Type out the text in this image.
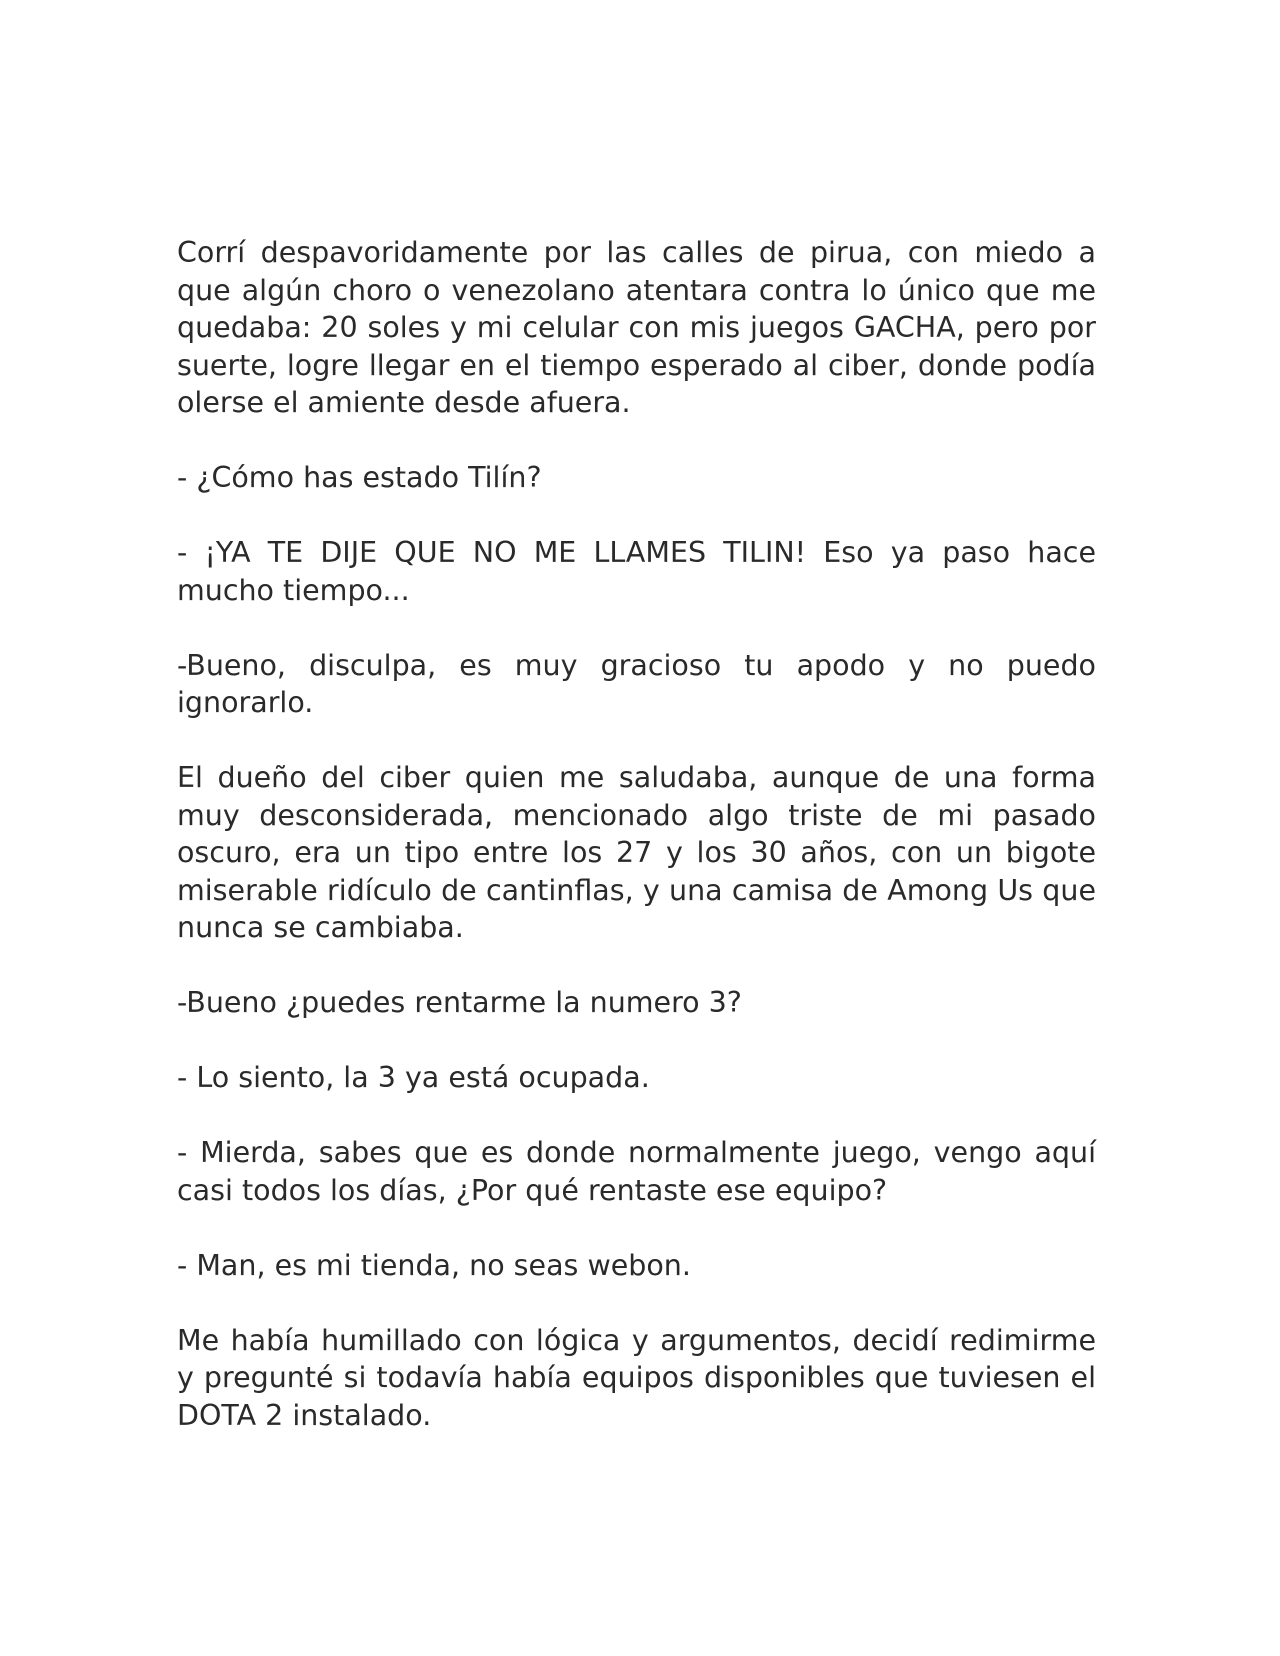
Corrí despavoridamente por las calles de pirua, con miedo a que algún choro o venezolano atentara contra lo único que me quedaba: 20 soles y mi celular con mis juegos GACHA, pero por suerte, logre llegar en el tiempo esperado al ciber, donde podía olerse el amiente desde afuera.

- ¿Cómo has estado Tilín?

- ¡YA TE DIJE QUE NO ME LLAMES TILIN! Eso ya paso hace mucho tiempo...

-Bueno, disculpa, es muy gracioso tu apodo y no puedo ignorarlo.

El dueño del ciber quien me saludaba, aunque de una forma muy desconsiderada, mencionado algo triste de mi pasado oscuro, era un tipo entre los 27 y los 30 años, con un bigote miserable ridículo de cantinflas, y una camisa de Among Us que nunca se cambiaba.

-Bueno ¿puedes rentarme la numero 3?

- Lo siento, la 3 ya está ocupada.

- Mierda, sabes que es donde normalmente juego, vengo aquí casi todos los días, ¿Por qué rentaste ese equipo?

- Man, es mi tienda, no seas webon.

Me había humillado con lógica y argumentos, decidí redimirme y pregunté si todavía había equipos disponibles que tuviesen el DOTA 2 instalado.
